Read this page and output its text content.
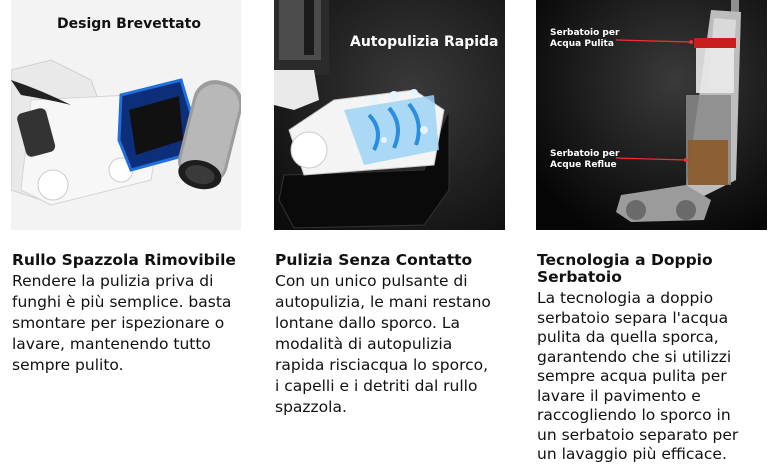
Design Brevettato
Rullo Spazzola Rimovibile
Rendere la pulizia priva di
funghi è più semplice. basta
smontare per ispezionare o
lavare, mantenendo tutto
sempre pulito.
Autopulizia Rapida
Pulizia Senza Contatto
Con un unico pulsante di
autopulizia, le mani restano
lontane dallo sporco. La
modalità di autopulizia
rapida risciacqua lo sporco,
i capelli e i detriti dal rullo
spazzola.
Serbatoio per
Acqua Pulita
Serbatoio per
Acque Reflue
Tecnologia a Doppio
Serbatoio
La tecnologia a doppio
serbatoio separa l'acqua
pulita da quella sporca,
garantendo che si utilizzi
sempre acqua pulita per
lavare il pavimento e
raccogliendo lo sporco in
un serbatoio separato per
un lavaggio più efficace.
